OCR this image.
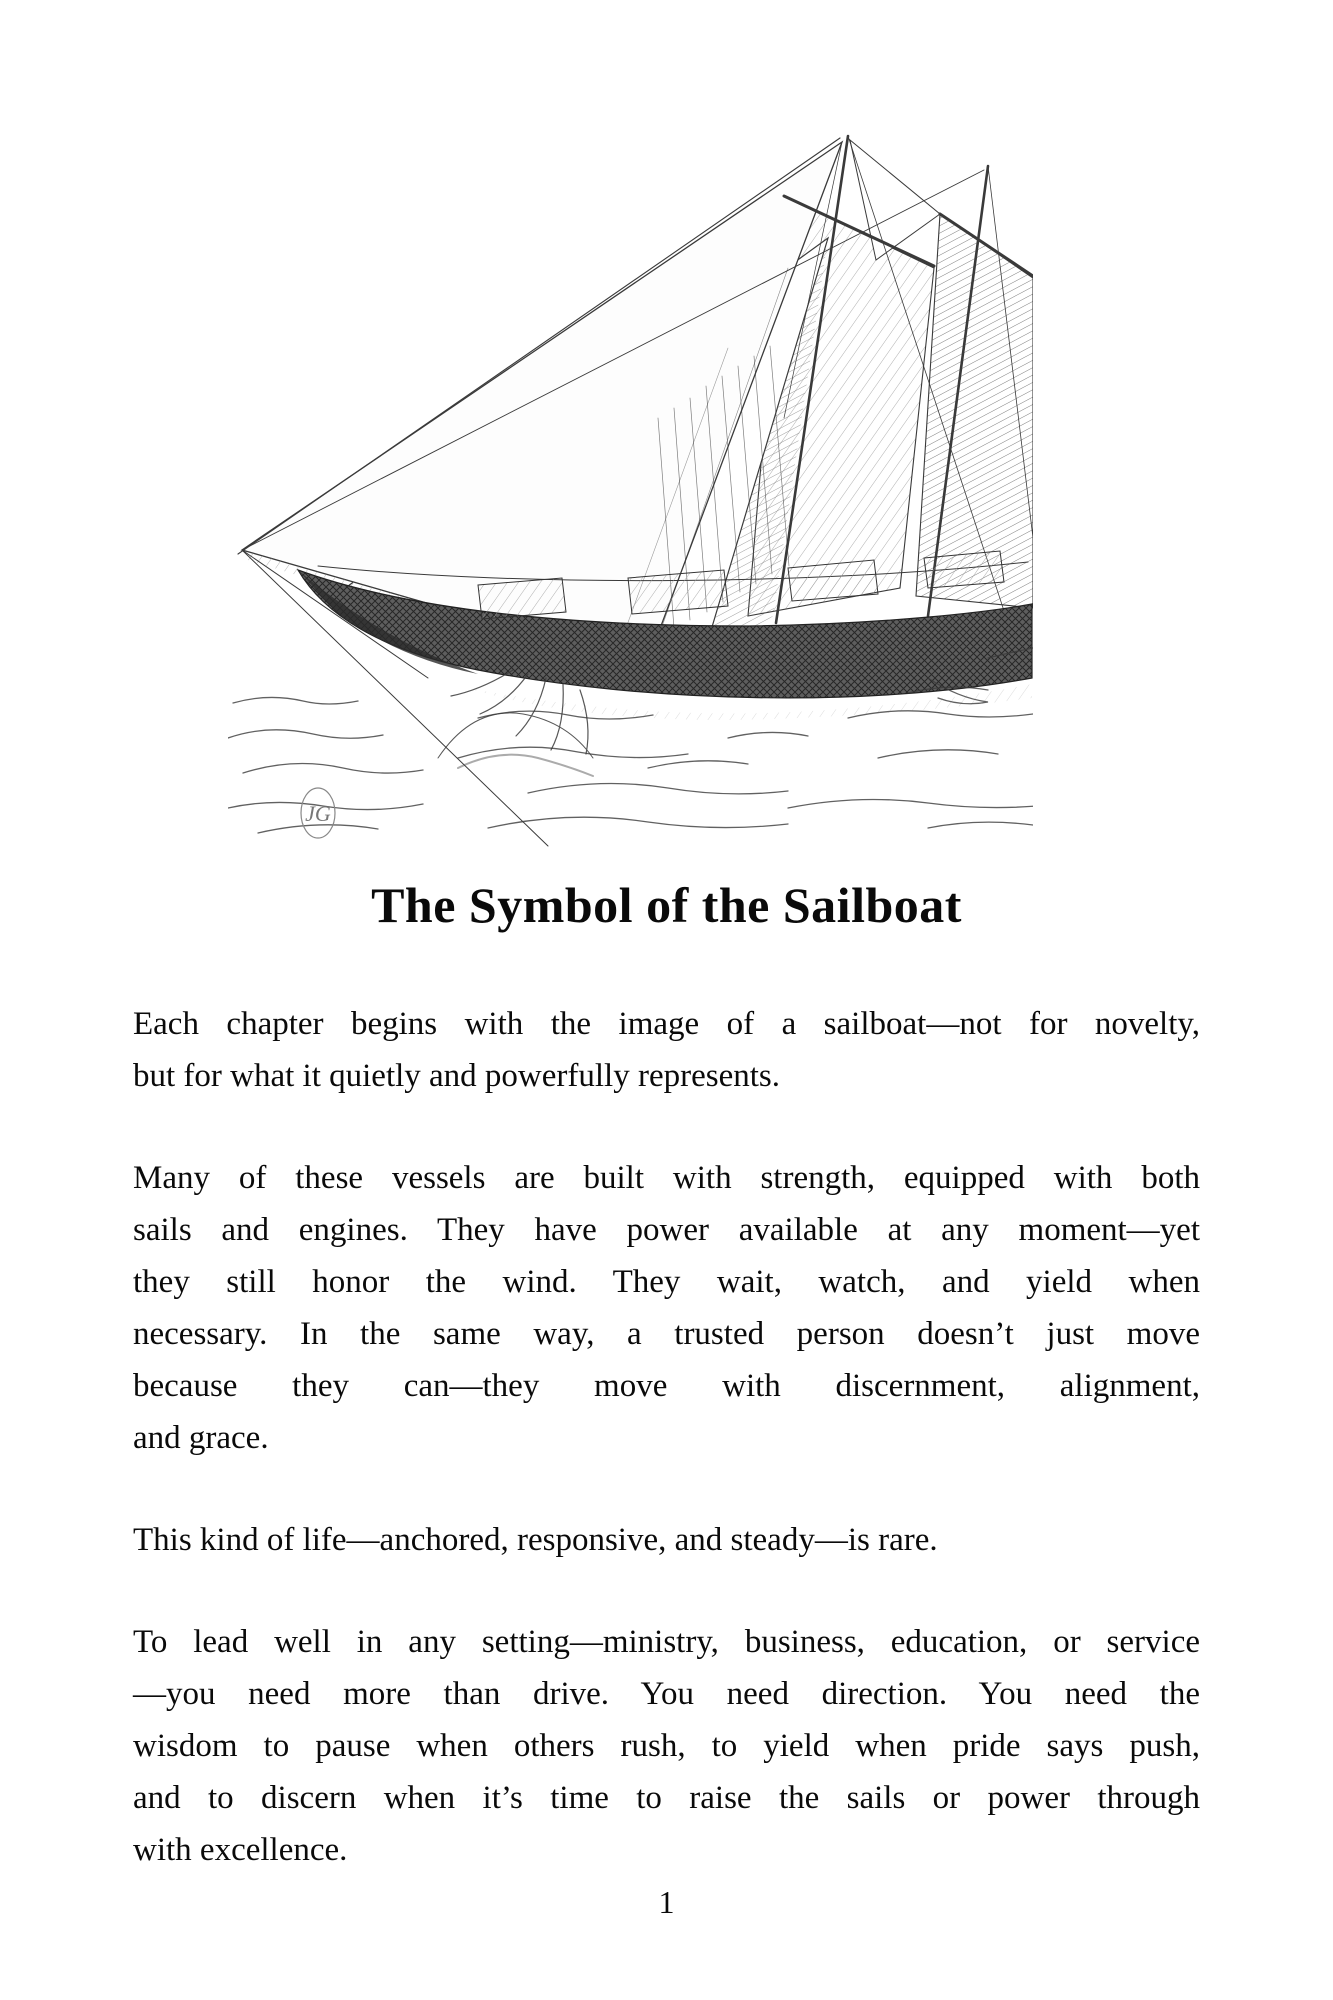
JG
The Symbol of the Sailboat
Each chapter begins with the image of a sailboat—not for novelty,
but for what it quietly and powerfully represents.
Many of these vessels are built with strength, equipped with both
sails and engines. They have power available at any moment—yet
they still honor the wind. They wait, watch, and yield when
necessary. In the same way, a trusted person doesn’t just move
because they can—they move with discernment, alignment,
and grace.
This kind of life—anchored, responsive, and steady—is rare.
To lead well in any setting—ministry, business, education, or service
—you need more than drive. You need direction. You need the
wisdom to pause when others rush, to yield when pride says push,
and to discern when it’s time to raise the sails or power through
with excellence.
1
